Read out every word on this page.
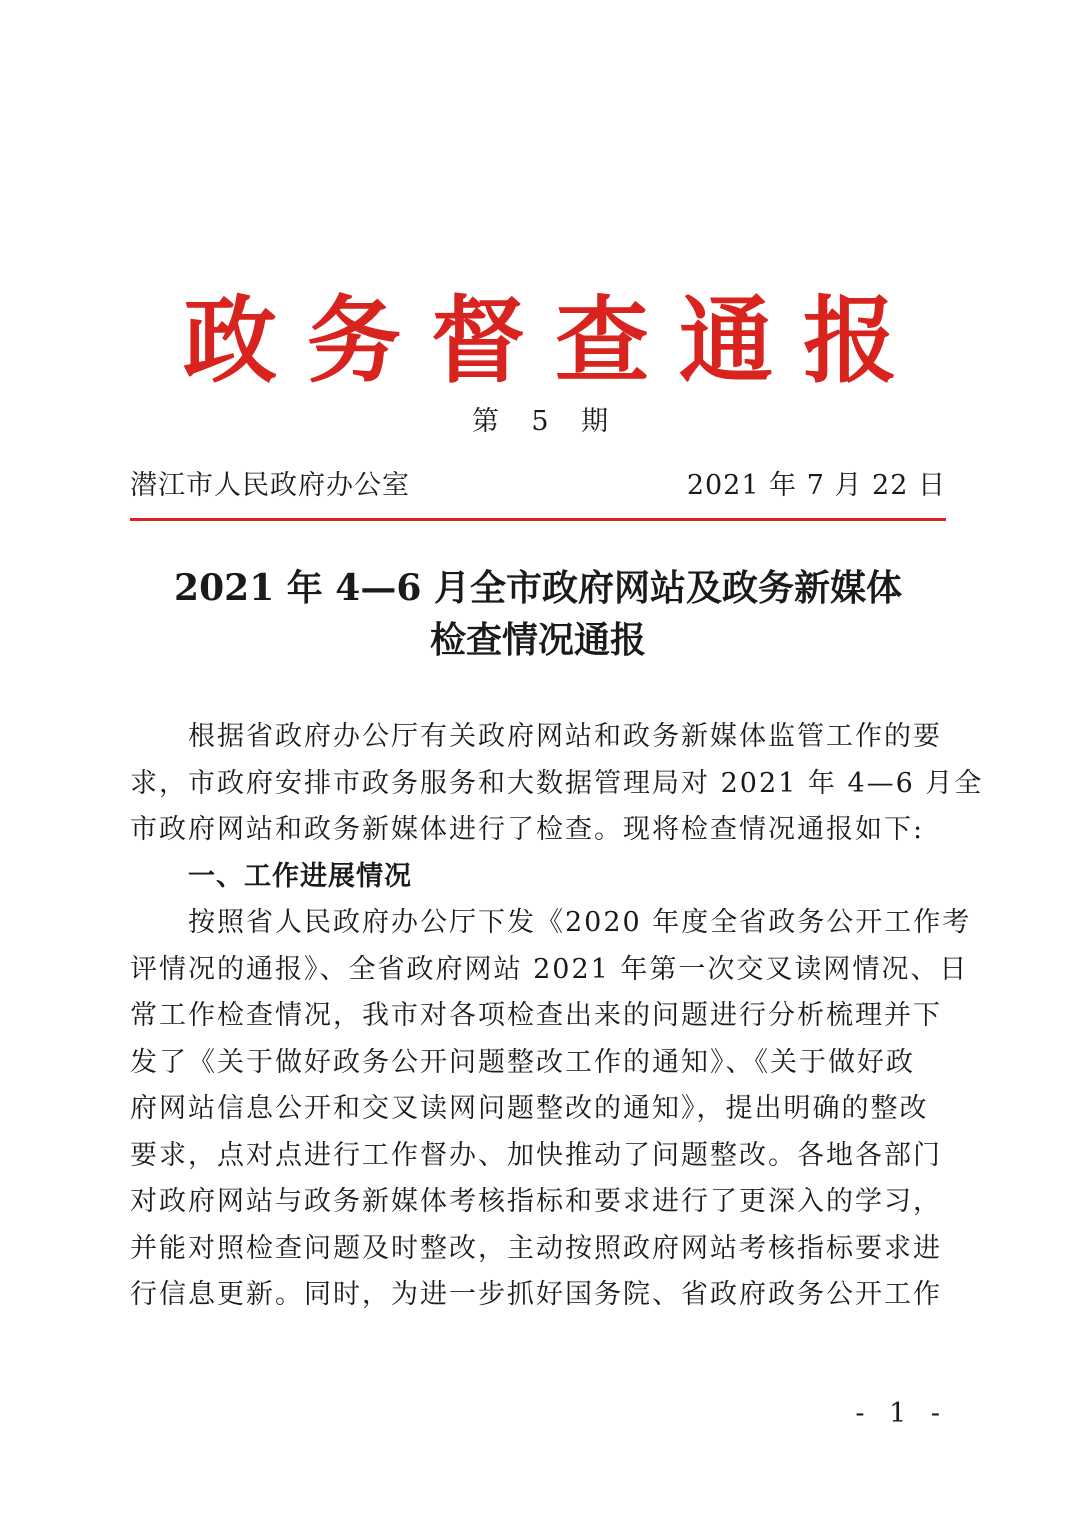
政务督查通报
第 5 期
潜江市人民政府办公室	2021 年 7 月 22 日
2021 年 4—6 月全市政府网站及政务新媒体
检查情况通报
根据省政府办公厅有关政府网站和政务新媒体监管工作的要
求，市政府安排市政务服务和大数据管理局对 2021 年 4—6 月全
市政府网站和政务新媒体进行了检查。现将检查情况通报如下:
一、工作进展情况
按照省人民政府办公厅下发《2020 年度全省政务公开工作考
评情况的通报》、全省政府网站 2021 年第一次交叉读网情况、日
常工作检查情况，我市对各项检查出来的问题进行分析梳理并下
发了《关于做好政务公开问题整改工作的通知》、《关于做好政
府网站信息公开和交叉读网问题整改的通知》，提出明确的整改
要求，点对点进行工作督办、加快推动了问题整改。各地各部门
对政府网站与政务新媒体考核指标和要求进行了更深入的学习，
并能对照检查问题及时整改，主动按照政府网站考核指标要求进
行信息更新。同时，为进一步抓好国务院、省政府政务公开工作
- 1 -
